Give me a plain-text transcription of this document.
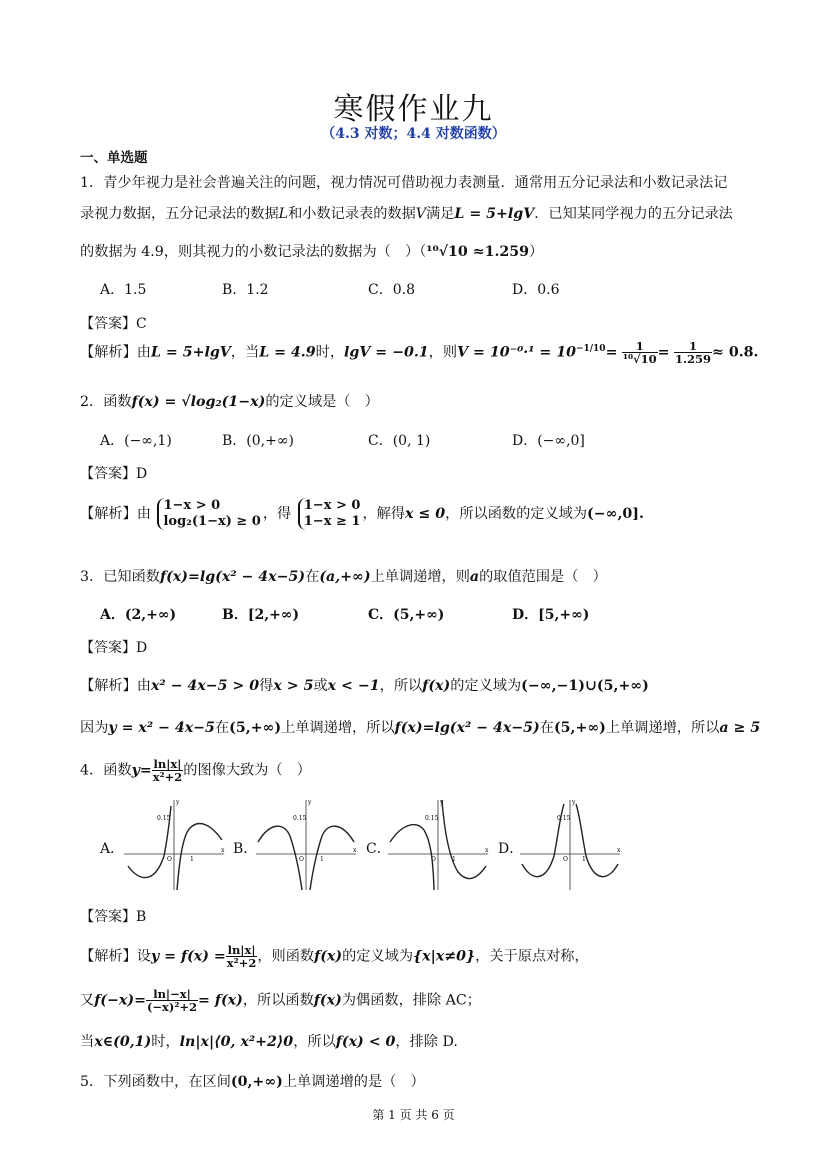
寒假作业九
（4.3 对数；4.4 对数函数）
一、单选题
1．青少年视力是社会普遍关注的问题，视力情况可借助视力表测量．通常用五分记录法和小数记录法记
录视力数据，五分记录法的数据L和小数记录表的数据V满足L = 5+lgV．已知某同学视力的五分记录法
的数据为 4.9，则其视力的小数记录法的数据为（　）（¹⁰√10 ≈1.259）
A．1.5	B．1.2	C．0.8	D．0.6
【答案】C
【解析】由L = 5+lgV，当L = 4.9时，lgV = −0.1，则$V = 10^{-0}\cdot^1 = 10^{-1/10}= \frac{1}{\text{¹⁰√10}} = \frac{1}{1.259} \approx 0.8$.
2．函数f(x) = √log₂(1−x)的定义域是（　）
A．(−∞,1)	B．(0,+∞)	C．(0, 1)	D．(−∞,0]
【答案】D
【解析】由
1−x > 0
log₂(1−x) ≥ 0 ，得
1−x > 0
1−x ≥ 1 ，解得x ≤ 0，所以函数的定义域为(−∞,0].
3．已知函数f(x)=lg(x² − 4x−5)在(a,+∞)上单调递增，则a的取值范围是（　）
A．(2,+∞)	B．[2,+∞)	C．(5,+∞)	D．[5,+∞)
【答案】D
【解析】由x² − 4x−5 > 0得x > 5或x < −1，所以f(x)的定义域为(−∞,−1)∪(5,+∞)
因为y = x² − 4x−5在(5,+∞)上单调递增，所以f(x)=lg(x² − 4x−5)在(5,+∞)上单调递增，所以a ≥ 5
4．函数$y= \frac{\ln|x|}{\text{x²+2}}$ 的图像大致为（　）
A．	B．	C．	D．
x
y
0.15
O	1
x
y
0.15
O	1
x
y
0.15
O	1
x
y
0.15
O 1
【答案】B
【解析】设$y = f(x) = \frac{\ln|x|}{\text{x²+2}}$ ，则函数f(x)的定义域为{x|x≠0}，关于原点对称，
又$f(-x)= \frac{\ln|-x|}{\text{(−x)²+2}} = f(x)$，所以函数f(x)为偶函数，排除 AC；
当x∈(0,1)时，ln|x|⟨0, x²+2⟩0，所以f(x) < 0，排除 D.
5．下列函数中，在区间(0,+∞)上单调递增的是（　）
第 1 页 共 6 页
